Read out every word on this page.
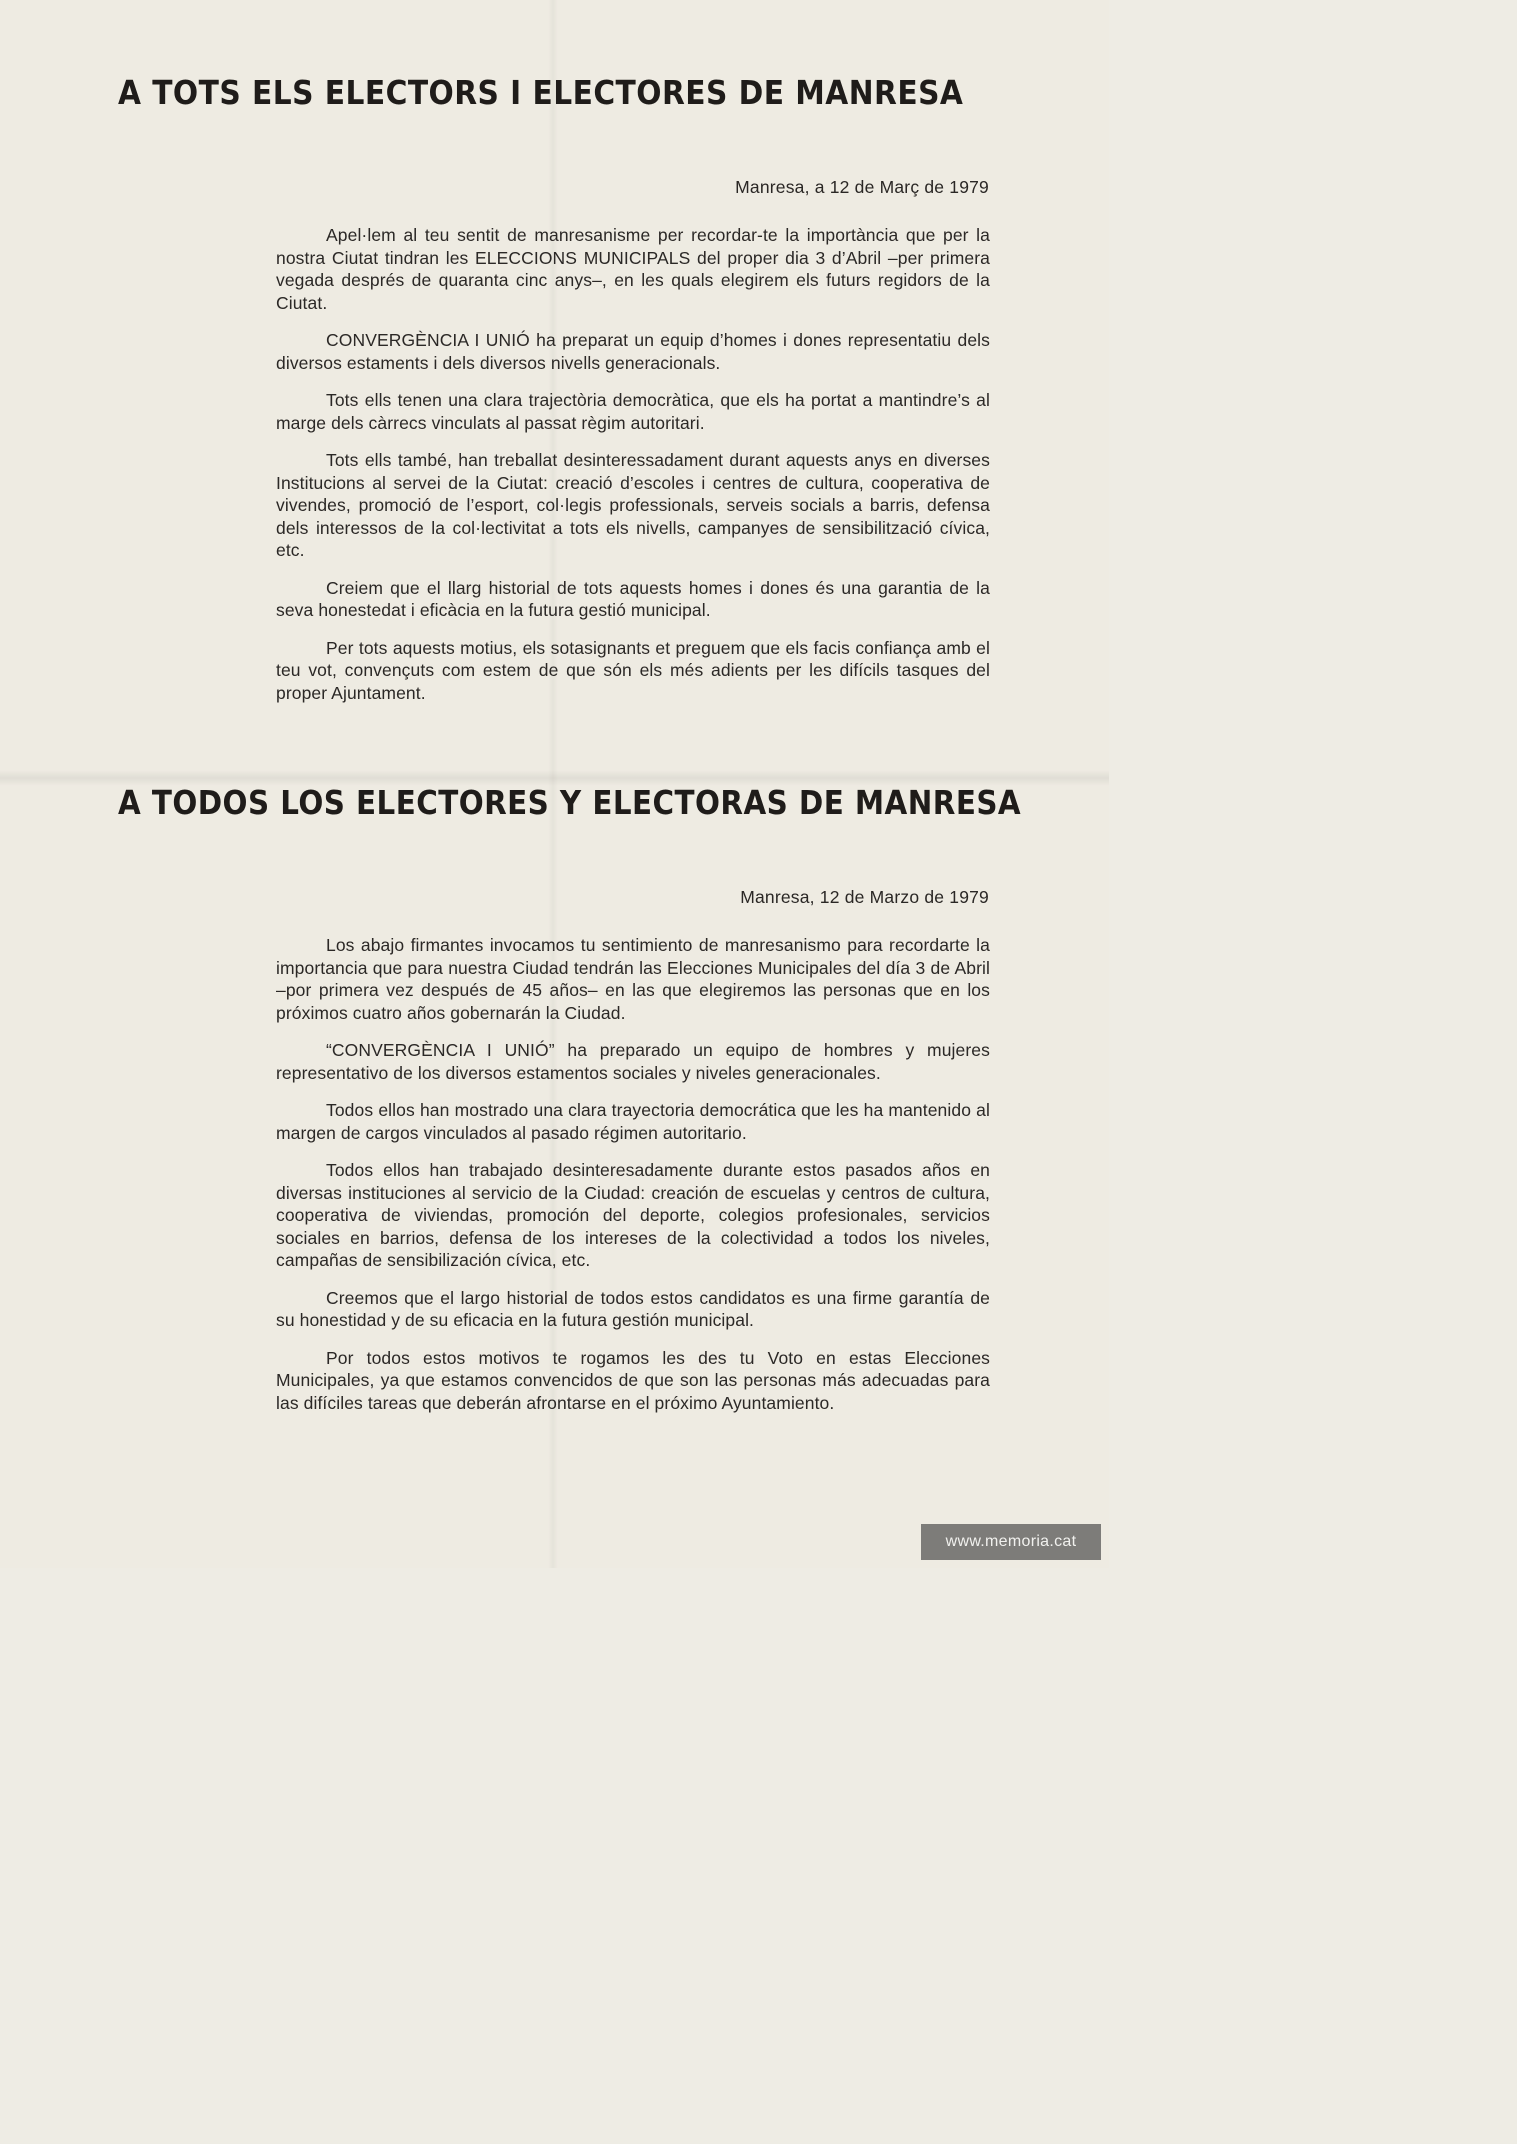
A TOTS ELS ELECTORS I ELECTORES DE MANRESA

Manresa, a 12 de Març de 1979

Apel·lem al teu sentit de manresanisme per recordar-te la importància que per la nostra Ciutat tindran les ELECCIONS MUNICIPALS del proper dia 3 d’Abril –per primera vegada després de quaranta cinc anys–, en les quals elegirem els futurs regidors de la Ciutat.

CONVERGÈNCIA I UNIÓ ha preparat un equip d’homes i dones representatiu dels diversos estaments i dels diversos nivells generacionals.

Tots ells tenen una clara trajectòria democràtica, que els ha portat a mantindre’s al marge dels càrrecs vinculats al passat règim autoritari.

Tots ells també, han treballat desinteressadament durant aquests anys en diverses Institucions al servei de la Ciutat: creació d’escoles i centres de cultura, cooperativa de vivendes, promoció de l’esport, col·legis professionals, serveis socials a barris, defensa dels interessos de la col·lectivitat a tots els nivells, campanyes de sensibilització cívica, etc.

Creiem que el llarg historial de tots aquests homes i dones és una garantia de la seva honestedat i eficàcia en la futura gestió municipal.

Per tots aquests motius, els sotasignants et preguem que els facis confiança amb el teu vot, convençuts com estem de que són els més adients per les difícils tasques del proper Ajuntament.

A TODOS LOS ELECTORES Y ELECTORAS DE MANRESA

Manresa, 12 de Marzo de 1979

Los abajo firmantes invocamos tu sentimiento de manresanismo para recordarte la importancia que para nuestra Ciudad tendrán las Elecciones Municipales del día 3 de Abril –por primera vez después de 45 años– en las que elegiremos las personas que en los próximos cuatro años gobernarán la Ciudad.

“CONVERGÈNCIA I UNIÓ” ha preparado un equipo de hombres y mujeres representativo de los diversos estamentos sociales y niveles generacionales.

Todos ellos han mostrado una clara trayectoria democrática que les ha mantenido al margen de cargos vinculados al pasado régimen autoritario.

Todos ellos han trabajado desinteresadamente durante estos pasados años en diversas instituciones al servicio de la Ciudad: creación de escuelas y centros de cultura, cooperativa de viviendas, promoción del deporte, colegios profesionales, servicios sociales en barrios, defensa de los intereses de la colectividad a todos los niveles, campañas de sensibilización cívica, etc.

Creemos que el largo historial de todos estos candidatos es una firme garantía de su honestidad y de su eficacia en la futura gestión municipal.

Por todos estos motivos te rogamos les des tu Voto en estas Elecciones Municipales, ya que estamos convencidos de que son las personas más adecuadas para las difíciles tareas que deberán afrontarse en el próximo Ayuntamiento.

www.memoria.cat
